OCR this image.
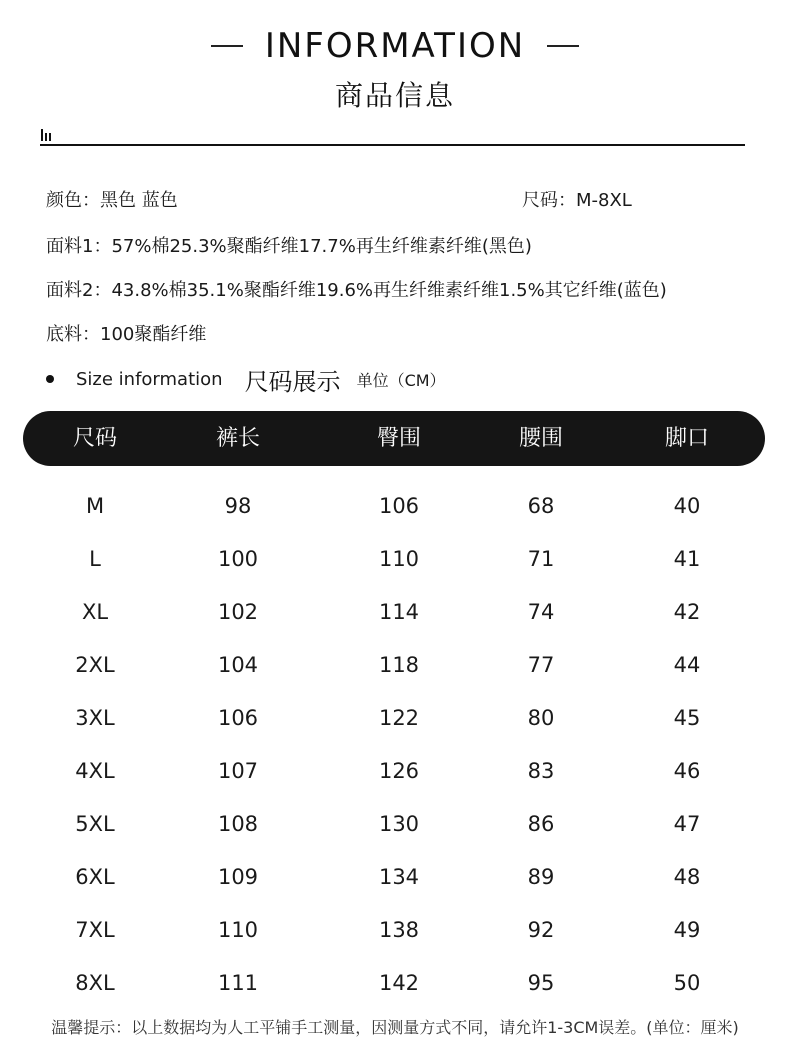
INFORMATION
商品信息
颜色：黑色 蓝色	尺码：M-8XL
面料1：57%棉25.3%聚酯纤维17.7%再生纤维素纤维(黑色)
面料2：43.8%棉35.1%聚酯纤维19.6%再生纤维素纤维1.5%其它纤维(蓝色)
底料：100聚酯纤维
Size information 尺码展示 单位（CM）
尺码	裤长	臀围	腰围	脚口
M	98	106	68	40
L	100	110	71	41
XL	102	114	74	42
2XL	104	118	77	44
3XL	106	122	80	45
4XL	107	126	83	46
5XL	108	130	86	47
6XL	109	134	89	48
7XL	110	138	92	49
8XL	111	142	95	50
温馨提示：以上数据均为人工平铺手工测量，因测量方式不同，请允许1-3CM误差。(单位：厘米)
